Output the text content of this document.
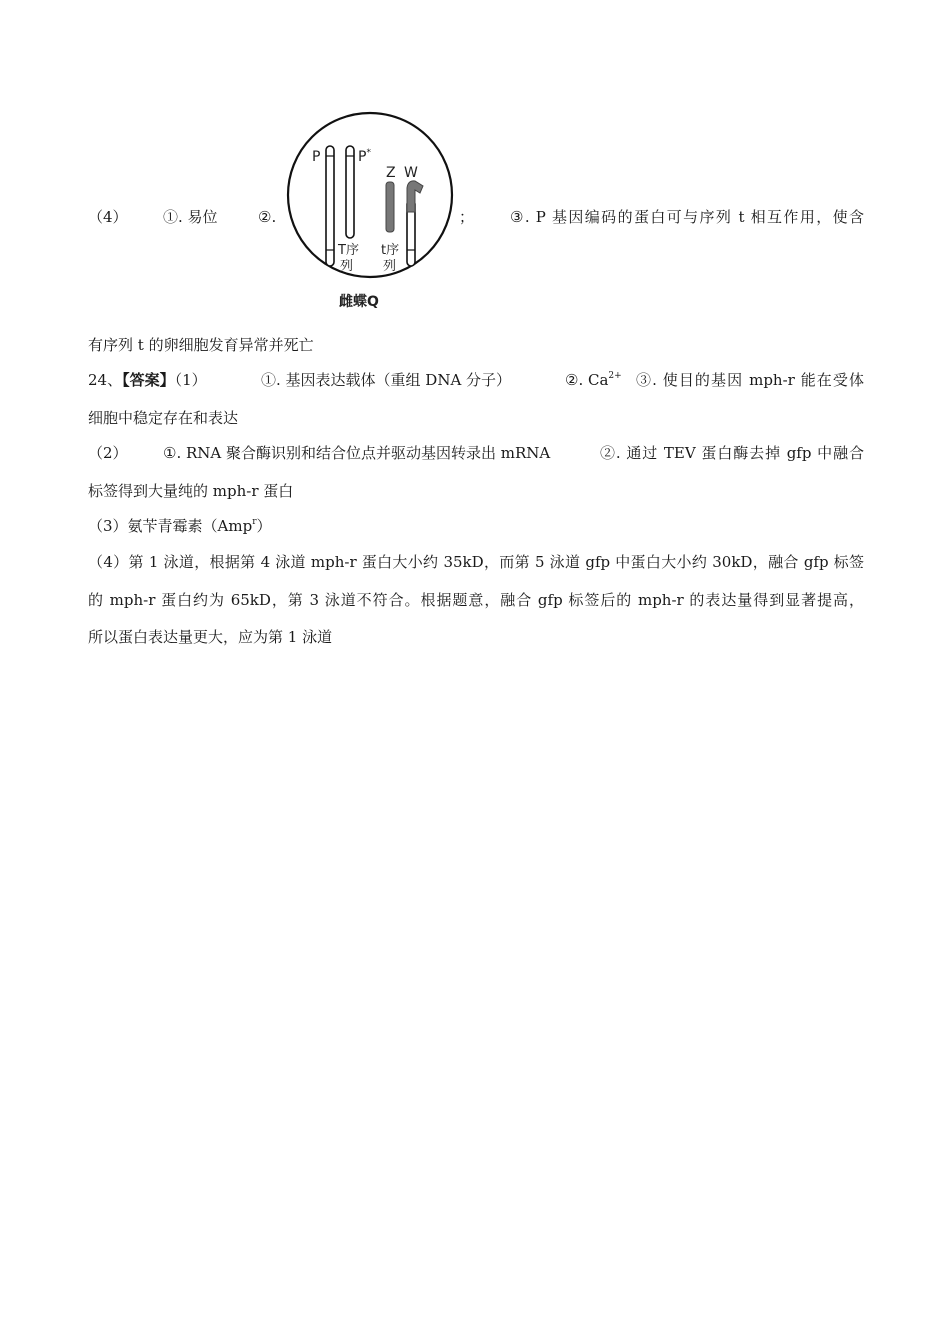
（4） ①. 易位	②.
P	P*
Z W
T序
列
t序
列
雌蝶Q
； ③. P 基因编码的蛋白可与序列 t 相互作用，使含
有序列 t 的卵细胞发育异常并死亡
24、【答案】（1）	①. 基因表达载体（重组 DNA 分子）	②. $Ca^{2+}$ ③. 使目的基因 mph-r 能在受体
细胞中稳定存在和表达
（2） ①. RNA 聚合酶识别和结合位点并驱动基因转录出 mRNA	②. 通过 TEV 蛋白酶去掉 gfp 中融合
标签得到大量纯的 mph-r 蛋白
（3）氨苄青霉素（Amp$^r$）
（4）第 1 泳道，根据第 4 泳道 mph-r 蛋白大小约 35kD，而第 5 泳道 gfp 中蛋白大小约 30kD，融合 gfp 标签
的 mph-r 蛋白约为 65kD，第 3 泳道不符合。根据题意，融合 gfp 标签后的 mph-r 的表达量得到显著提高，
所以蛋白表达量更大，应为第 1 泳道
